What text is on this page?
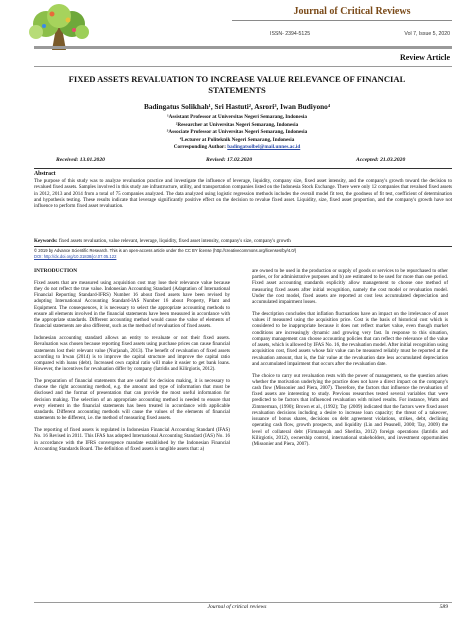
Journal of Critical Reviews
ISSN- 2394-5125	Vol 7, Issue 5, 2020
Review Article
FIXED ASSETS REVALUATION TO INCREASE VALUE RELEVANCE OF FINANCIAL STATEMENTS
Badingatus Solikhah¹, Sri Hastuti², Asrori³, Iwan Budiyono⁴
¹Assistant Professor at Universitas Negeri Semarang, Indonesia
²Researcher at Universitas Negeri Semarang, Indonesia
³Associate Professor at Universitas Negeri Semarang, Indonesia
⁴Lecturer at Politeknik Negeri Semarang, Indonesia
Corresponding Author: badingatsolbel@mail.unnes.ac.id
Received: 13.01.2020	Revised: 17.02.2020	Accepted: 21.03.2020
Abstract
The purpose of this study was to analyze revaluation practice and investigate the influence of leverage, liquidity, company size, fixed asset intensity, and the company's growth toward the decision to revalued fixed assets. Samples involved in this study are infrastructure, utility, and transportation companies listed on the Indonesia Stock Exchange. There were only 12 companies that revalued fixed assets in 2012, 2013 and 2014 from a total of 75 companies analyzed. The data analyzed using logistic regression methods includes the overall model fit test, the goodness of fit test, coefficient of determination and hypothesis testing. These results indicate that leverage significantly positive effect on the decision to revalue fixed asset. Liquidity, size, fixed asset proportion, and the company's growth have not influence to perform fixed asset revaluation.
Keywords: fixed assets revaluation, value relevant, leverage, liquidity, fixed asset intensity, company's size, company's growth
© 2019 by Advance Scientific Research. This is an open-access article under the CC BY license (http://creativecommons.org/licenses/by/4.0/)
DOI: http://dx.doi.org/10.31838/jcr.07.05.122

INTRODUCTION

Fixed assets that are measured using acquisition cost may lose their relevance value because they do not reflect the true value. Indonesian Accounting Standard (Adaptation of International Financial Reporting Standard-IFRS) Number 16 about fixed assets have been revised by adopting International Accounting Standard-IAS Number 16 about Property, Plant and Equipment. The consequences, it is necessary to select the appropriate accounting methods to ensure all elements involved in the financial statements have been measured in accordance with the appropriate standards. Different accounting method would cause the value of elements of financial statements are also different, such as the method of revaluation of fixed assets.

Indonesian accounting standard allows an entity to revaluate or not their fixed assets. Revaluation was chosen because reporting fixed assets using purchase prices can cause financial statements lost their relevant value (Nurjanah, 2013). The benefit of revaluation of fixed assets according to Irwan (2014) is to improve the capital structure and improve the capital ratio compared with loans (debt). Increased own capital ratio will make it easier to get bank loans. However, the incentives for revaluation differ by company (Iatridis and Kilirgiotis, 2012).

The preparation of financial statements that are useful for decision making, it is necessary to choose the right accounting method, e.g. the amount and type of information that must be disclosed and the format of presentation that can provide the most useful information for decision making. The selection of an appropriate accounting method is needed to ensure that every element in the financial statements has been treated in accordance with applicable standards. Different accounting methods will cause the values of the elements of financial statements to be different, i.e. the method of measuring fixed assets.

The reporting of fixed assets is regulated in Indonesian Financial Accounting Standard (IFAS) No. 16 Revised in 2011. This IFAS has adopted International Accounting Standard (IAS) No. 16 in accordance with the IFRS convergence mandate established by the Indonesian Financial Accounting Standards Board. The definition of fixed assets is tangible assets that: a)

are owned to be used in the production or supply of goods or services to be repurchased to other parties, or for administrative purposes and b) are estimated to be used for more than one period. Fixed asset accounting standards explicitly allow management to choose one method of measuring fixed assets after initial recognition, namely the cost model or revaluation model. Under the cost model, fixed assets are reported at cost less accumulated depreciation and accumulated impairment losses.

The description concludes that inflation fluctuations have an impact on the irrelevance of asset values if measured using the acquisition price. Cost is the basis of historical cost which is considered to be inappropriate because it does not reflect market value, even though market conditions are increasingly dynamic and growing very fast. In response to this situation, company management can choose accounting policies that can reflect the relevance of the value of assets, which is allowed by IFAS No. 16, the revaluation model. After initial recognition using acquisition cost, fixed assets whose fair value can be measured reliably must be reported at the revaluation amount, that is, the fair value at the revaluation date less accumulated depreciation and accumulated impairment that occurs after the revaluation date.

The choice to carry out revaluation rests with the power of management, so the question arises whether the motivation underlying the practice does not have a direct impact on the company's cash flow (Missonier and Piera, 2007). Therefore, the factors that influence the revaluation of fixed assets are interesting to study. Previous researches tested several variables that were predicted to be factors that influenced revaluation with mixed results. For instance, Watts and Zimmerman, (1990); Brown et al., (1992); Tay (2009) indicated that the factors were fixed asset revaluation decisions including a desire to increase loan capacity; the threat of a takeover, issuance of bonus shares, decisions on debt agreement violations, strikes, debt, declining operating cash flow, growth prospects, and liquidity (Lin and Peasnell, 2000; Tay, 2009) the level of collateral debt (Firmansyah and Sherlita, 2012) foreign operations (Iatridis and Kilirgiotis, 2012), ownership control, international stakeholders, and investment opportunities (Missonier and Piera, 2007).

Journal of critical reviews	589
